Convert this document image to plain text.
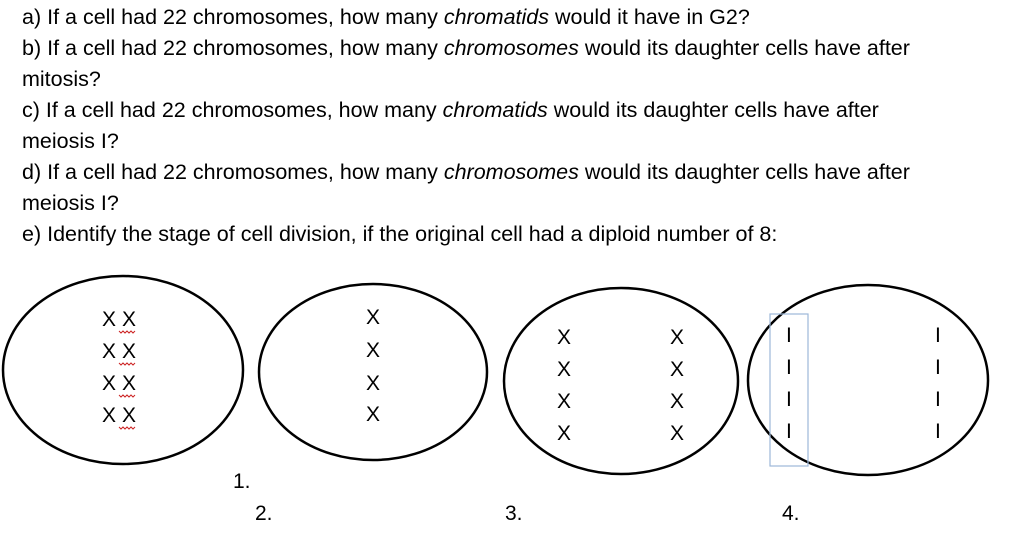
a) If a cell had 22 chromosomes, how many chromatids would it have in G2?
b) If a cell had 22 chromosomes, how many chromosomes would its daughter cells have after
mitosis?
c) If a cell had 22 chromosomes, how many chromatids would its daughter cells have after
meiosis I?
d) If a cell had 22 chromosomes, how many chromosomes would its daughter cells have after
meiosis I?
e) Identify the stage of cell division, if the original cell had a diploid number of 8:
XX
XX
XX
XX
1.
X
X
X
X
2.
X
X
X
X
X
X
X
X
3.
I
I
I
I
I
I
I
I
4.
